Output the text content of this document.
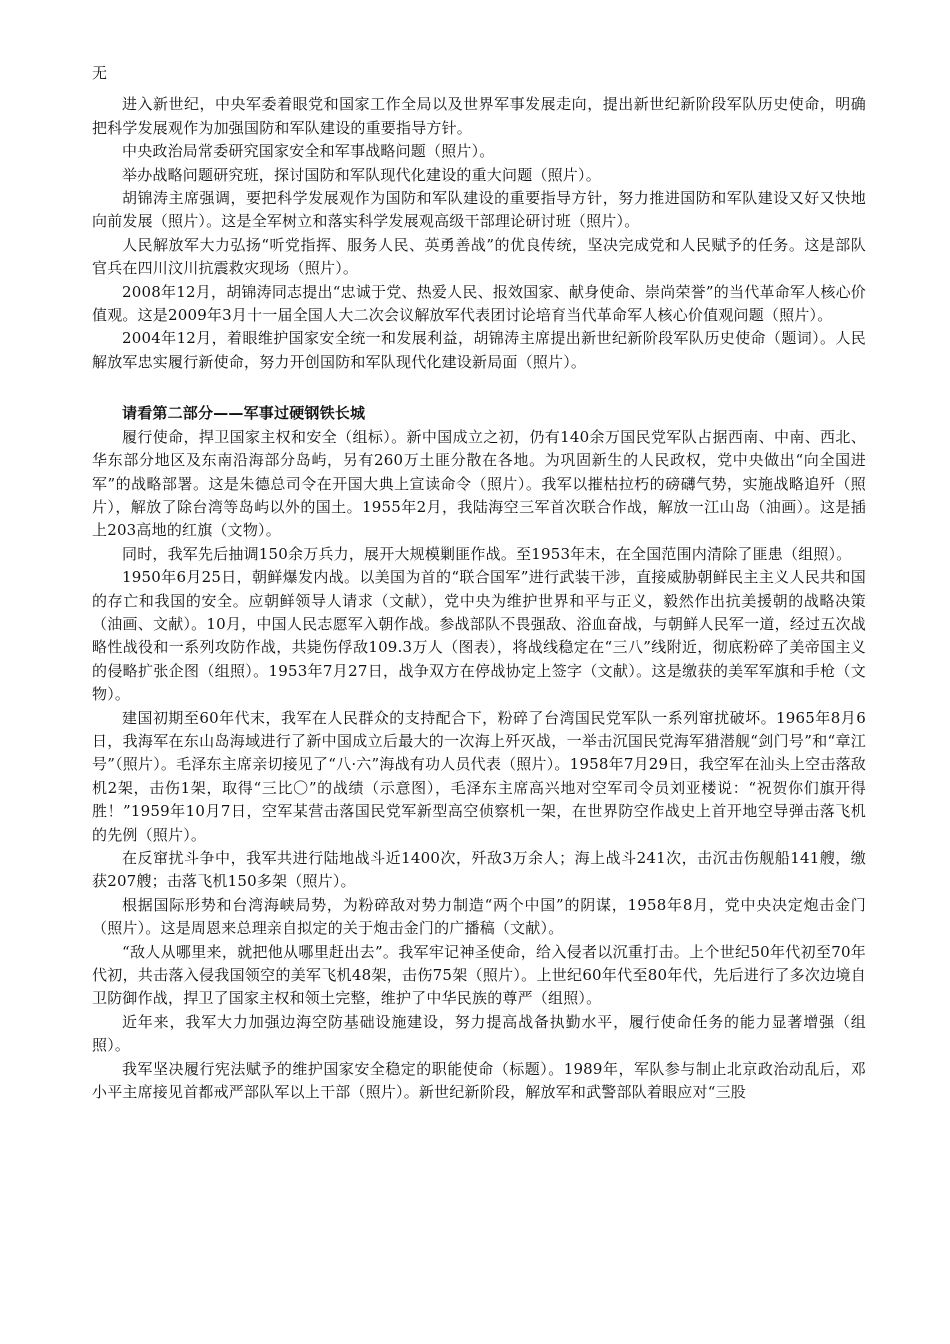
无

进入新世纪，中央军委着眼党和国家工作全局以及世界军事发展走向，提出新世纪新阶段军队历史使命，明确把科学发展观作为加强国防和军队建设的重要指导方针。

中央政治局常委研究国家安全和军事战略问题（照片）。

举办战略问题研究班，探讨国防和军队现代化建设的重大问题（照片）。

胡锦涛主席强调，要把科学发展观作为国防和军队建设的重要指导方针，努力推进国防和军队建设又好又快地向前发展（照片）。这是全军树立和落实科学发展观高级干部理论研讨班（照片）。

人民解放军大力弘扬“听党指挥、服务人民、英勇善战”的优良传统，坚决完成党和人民赋予的任务。这是部队官兵在四川汶川抗震救灾现场（照片）。

2008年12月，胡锦涛同志提出“忠诚于党、热爱人民、报效国家、献身使命、崇尚荣誉”的当代革命军人核心价值观。这是2009年3月十一届全国人大二次会议解放军代表团讨论培育当代革命军人核心价值观问题（照片）。

2004年12月，着眼维护国家安全统一和发展利益，胡锦涛主席提出新世纪新阶段军队历史使命（题词）。人民解放军忠实履行新使命，努力开创国防和军队现代化建设新局面（照片）。

请看第二部分——军事过硬钢铁长城

履行使命，捍卫国家主权和安全（组标）。新中国成立之初，仍有140余万国民党军队占据西南、中南、西北、华东部分地区及东南沿海部分岛屿，另有260万土匪分散在各地。为巩固新生的人民政权，党中央做出“向全国进军”的战略部署。这是朱德总司令在开国大典上宣读命令（照片）。我军以摧枯拉朽的磅礴气势，实施战略追歼（照片），解放了除台湾等岛屿以外的国土。1955年2月，我陆海空三军首次联合作战，解放一江山岛（油画）。这是插上203高地的红旗（文物）。

同时，我军先后抽调150余万兵力，展开大规模剿匪作战。至1953年末，在全国范围内清除了匪患（组照）。

1950年6月25日，朝鲜爆发内战。以美国为首的“联合国军”进行武装干涉，直接威胁朝鲜民主主义人民共和国的存亡和我国的安全。应朝鲜领导人请求（文献），党中央为维护世界和平与正义，毅然作出抗美援朝的战略决策（油画、文献）。10月，中国人民志愿军入朝作战。参战部队不畏强敌、浴血奋战，与朝鲜人民军一道，经过五次战略性战役和一系列攻防作战，共毙伤俘敌109.3万人（图表），将战线稳定在“三八”线附近，彻底粉碎了美帝国主义的侵略扩张企图（组照）。1953年7月27日，战争双方在停战协定上签字（文献）。这是缴获的美军军旗和手枪（文物）。

建国初期至60年代末，我军在人民群众的支持配合下，粉碎了台湾国民党军队一系列窜扰破坏。1965年8月6日，我海军在东山岛海域进行了新中国成立后最大的一次海上歼灭战，一举击沉国民党海军猎潜舰“剑门号”和“章江号”（照片）。毛泽东主席亲切接见了“八·六”海战有功人员代表（照片）。1958年7月29日，我空军在汕头上空击落敌机2架，击伤1架，取得“三比〇”的战绩（示意图），毛泽东主席高兴地对空军司令员刘亚楼说：“祝贺你们旗开得胜！”1959年10月7日，空军某营击落国民党军新型高空侦察机一架，在世界防空作战史上首开地空导弹击落飞机的先例（照片）。

在反窜扰斗争中，我军共进行陆地战斗近1400次，歼敌3万余人；海上战斗241次，击沉击伤舰船141艘，缴获207艘；击落飞机150多架（照片）。

根据国际形势和台湾海峡局势，为粉碎敌对势力制造“两个中国”的阴谋，1958年8月，党中央决定炮击金门（照片）。这是周恩来总理亲自拟定的关于炮击金门的广播稿（文献）。

“敌人从哪里来，就把他从哪里赶出去”。我军牢记神圣使命，给入侵者以沉重打击。上个世纪50年代初至70年代初，共击落入侵我国领空的美军飞机48架，击伤75架（照片）。上世纪60年代至80年代，先后进行了多次边境自卫防御作战，捍卫了国家主权和领土完整，维护了中华民族的尊严（组照）。

近年来，我军大力加强边海空防基础设施建设，努力提高战备执勤水平，履行使命任务的能力显著增强（组照）。

我军坚决履行宪法赋予的维护国家安全稳定的职能使命（标题）。1989年，军队参与制止北京政治动乱后，邓小平主席接见首都戒严部队军以上干部（照片）。新世纪新阶段，解放军和武警部队着眼应对“三股
